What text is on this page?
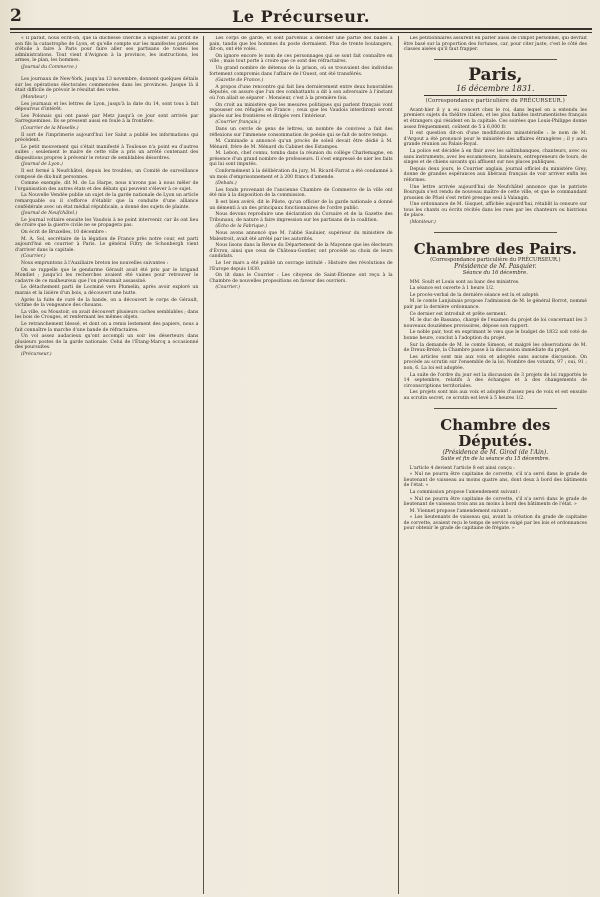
2	Le Précurseur.

« Il paraît, nous écrit-on, que la duchesse cherche à exploiter au profit de son fils la catastrophe de Lyon, et qu'elle compte sur les manifestes parisiens d'étoile à faire à Paris pour faire aller ses partisans de toutes les administrations. Tout vient d'Avignon à la province, les instructions, les armes, le plan, les hommes.

(Journal du Commerce.)

Les journaux de New-York, jusqu'au 13 novembre, donnent quelques détails sur les opérations électorales commencées dans les provinces. Jusque là il était difficile de prévoir le résultat des votes.

(Moniteur.)

Les journaux et les lettres de Lyon, jusqu'à la date du 14, sont tous à fait dépourvus d'intérêt.

Les Polonais qui ont passé par Metz jusqu'à ce jour sont arrivés par Sarreguemines. Ils se pressent aussi en foule à la frontière.

(Courrier de la Moselle.)

Il sort de l'imprimerie aujourd'hui 1er Salut a publié les informations qui précèdent.

Le petit mouvement qui s'était manifesté à Toulouse n'a point eu d'autres suites ; seulement le maire de cette ville a pris un arrêté contenant des dispositions propres à prévenir le retour de semblables désordres.

(Journal de Lyon.)

Il est fermé à Neufchâtel, depuis les troubles, un Comité de surveillance composé de dix-huit personnes.

Comme exemple, dit M. de La Harpe, nous n'avons pas à nous mêler de l'organisation des autres états et des débats qui peuvent s'élever à ce sujet.

La Nouvelle Vendée publie un sujet de la garde nationale de Lyon un article remarquable ou il s'efforce d'établir que la conduite d'une alliance confédérale avec un état médial républicain, a donné des sujets de plainte.

(Journal de Neufchâtel.)

Le journal voltaire ensuite les Vaudois à ne point intervenir, car ils ont lieu de croire que la guerre civile ne se propagera pas.

On écrit de Bruxelles, 10 décembre :

M. A. Sol, secrétaire de la légation de France près notre cour, est parti aujourd'hui en courrier à Paris. Le général Filtry de Schonbergh vient d'arriver dans la capitale.

(Courrier.)

Nous empruntons à l'Auxiliaire breton les nouvelles suivantes :

On se rappelle que le gendarme Gérault avait été pris par le brigand Mondiet ; jusqu'ici les recherches avaient été vaines pour retrouver le cadavre de ce malheureux que l'on présumait assassiné.

Le détachement parti de Locminé vers Plumelin, après avoir exploré un marais et la lisière d'un bois, a découvert une hutte.

Après la fuite de curé de la bande, on a découvert le corps de Gérault, victime de la vengeance des chouans.

La ville, ou Moustoir, on avait découvert plusieurs caches semblables ; dans les bois de Crouges, et renfermant les mêmes objets.

Le retranchement blessé, et dont on a remis lestement des papiers, nous a fait connaître la marche d'une bande de réfractaires.

Un vol assez audacieux qu'ont accompli un soir les déserteurs dans plusieurs postes de la garde nationale. Celui de l'Étang-Marcq a occasionné des poursuites.

(Précurseur.)

Les corps de garde, et sont parvenus à dérober une partie des balles à pain, tandis que les hommes du poste dormaient. Plus de trente boulangers, dit-on, ont été volés.

On ignore encore le nom de ces personnages qui se sont fait connaître en ville ; mais tout porte à croire que ce sont des réfractaires.

Un grand nombre de détenus de la prison, où se trouvaient des individus fortement compromis dans l'affaire de l'Ouest, ont été transférés.

(Gazette de France.)

A propos d'une rencontre qui fait lieu dernièrement entre deux honorables députés, on assure que l'un des combattants a dit à son adversaire à l'instant où l'on allait se séparer : Monsieur, c'est à la première fois.

On croit au ministère que les mesures politiques qui parlent français vont repousser ces réfugiés en France ; ceux que les Vaudois interdiront seront placés sur les frontières et dirigés vers l'intérieur.

(Courrier français.)

Dans un cercle de gens de lettres, un nombre de convives a fait des réflexions sur l'immense consommation de poésie qui se fait de notre temps.

M. Caminade a annoncé qu'un procès de soleil devait être dédié à M. Ménard, frère de M. Ménard du Cabinet des Estampes.

M. Lebon, chef connu, tomba dans la réunion du collège Charlemagne, en présence d'un grand nombre de professeurs. Il s'est empressé de nier les faits qui lui sont imputés.

Conformément à la délibération du jury, M. Ricard-Farrat a été condamné à un mois d'emprisonnement et à 200 francs d'amende.

(Debats.)

Les fonds provenant de l'ancienne Chambre de Commerce de la ville ont été mis à la disposition de la commission.

Il est bien avéré, dit le Pilote, qu'un officier de la garde nationale a donné un démenti à un des principaux fonctionnaires de l'ordre public.

Nous devons reproduire une déclaration du Corsaire et de la Gazette des Tribunaux, de nature à faire impression sur les partisans de la coalition.

(Écho de la Fabrique.)

Nous avons annoncé que M. l'abbé Sauluier, supérieur du ministère de Malestroit, avait été arrêté par les autorités.

Nous lisons dans la Revue du Département de la Mayenne que les électeurs d'Évron, ainsi que ceux de Château-Gontier, ont procédé au choix de leurs candidats.

Le 1er mars a été publié un ouvrage intitulé : Histoire des révolutions de l'Europe depuis 1830.

On lit dans le Courrier : Les citoyens de Saint-Étienne ont reçu à la Chambre de nouvelles propositions en faveur des ouvriers.

(Courrier.)

Les pétitionnaires assurent en parler aussi de l'impôt personnel, qui devrait être basé sur la proportion des fortunes, car, pour citer juste, c'est le côté des classes aisées qu'il faut frapper.

Paris,
16 décembre 1831.
(Correspondance particulière du PRÉCURSEUR.)

Avant-hier il y a eu concert chez le roi, dans lequel on a entendu les premiers sujets du théâtre italien, et les plus habiles instrumentistes français et étrangers qui résident en la capitale. Ces soirées que Louis-Philippe donne assez fréquemment, coûtent de 5 à 6,000 fr.

Il est question dit-on d'une modification ministérielle : le nom de M. d'Argout a été prononcé pour le ministère des affaires étrangères ; il y aura grande réunion au Palais-Royal.

La police est décidée à en finir avec les saltimbanques, chanteurs, avec ou sans instruments, avec les escamoteurs, bateleurs, entrepreneurs de tours, de singes et de chiens savants qui affluent sur nos places publiques.

Depuis deux jours, le Courrier anglais, journal officiel du ministère Grey, donne de grandes espérances aux libéraux français de voir arriver enfin les réformes.

Une lettre arrivée aujourd'hui de Neufchâtel annonce que le patriote Bourquin s'est rendu de nouveau maître de cette ville, et que le commandant prussien de Pfuel s'est retiré presque seul à Valangin.

Une ordonnance de M. Gisquet, affichée aujourd'hui, rétablit la censure sur tous les chants ou écrits récités dans les rues par les chanteurs ou histrions de place.

(Moniteur.)

Chambre des Pairs.
(Correspondance particulière du PRÉCURSEUR.)
Présidence de M. Pasquier.
Séance du 16 décembre.

MM. Soult et Louis sont au banc des ministres.

La séance est ouverte à 1 heure 1/2.

Le procès-verbal de la dernière séance est lu et adopté.

M. le comte Lanjuinais propose l'admission de M. le général Borrot, nommé pair par la dernière ordonnance.

Ce dernier est introduit et prête serment.

M. le duc de Bassano, chargé de l'examen du projet de loi concernant les 3 nouveaux douzièmes provisoires, dépose son rapport.

Le noble pair, tout en exprimant le vœu que le budget de 1832 soit voté de bonne heure, conclut à l'adoption du projet.

Sur la demande de M. le comte Simeon, et malgré les observations de M. de Dreux-Brézé, la Chambre passe à la discussion immédiate du projet.

Les articles sont mis aux voix et adoptés sans aucune discussion. On procède au scrutin sur l'ensemble de la loi. Nombre des votants, 97 ; oui, 91 ; non, 6. La loi est adoptée.

La suite de l'ordre du jour est la discussion de 3 projets de loi rapportés le 14 septembre, relatifs à des échanges et à des changements de circonscriptions territoriales.

Les projets sont mis aux voix et adoptés d'assez peu de voix et est ensuite au scrutin secret, ce scrutin est levé à 5 heures 1/2.

Chambre des Députés.
(Présidence de M. Girod (de l'Ain).
Suite et fin de la séance du 15 décembre.

L'article 4 devient l'article 8 est ainsi conçu :

« Nul ne pourra être capitaine de corvette, s'il n'a servi dans le grade de lieutenant de vaisseau au moins quatre ans, dont deux à bord des bâtiments de l'état. »

La commission propose l'amendement suivant :

« Nul ne pourra être capitaine de corvette, s'il n'a servi dans le grade de lieutenant de vaisseau trois ans au moins à bord des bâtiments de l'état. »

M. Viennet propose l'amendement suivant :

« Les lieutenants de vaisseau qui, avant la création du grade de capitaine de corvette, avaient reçu le temps de service exigé par les lois et ordonnances pour obtenir le grade de capitaine de frégate. »
